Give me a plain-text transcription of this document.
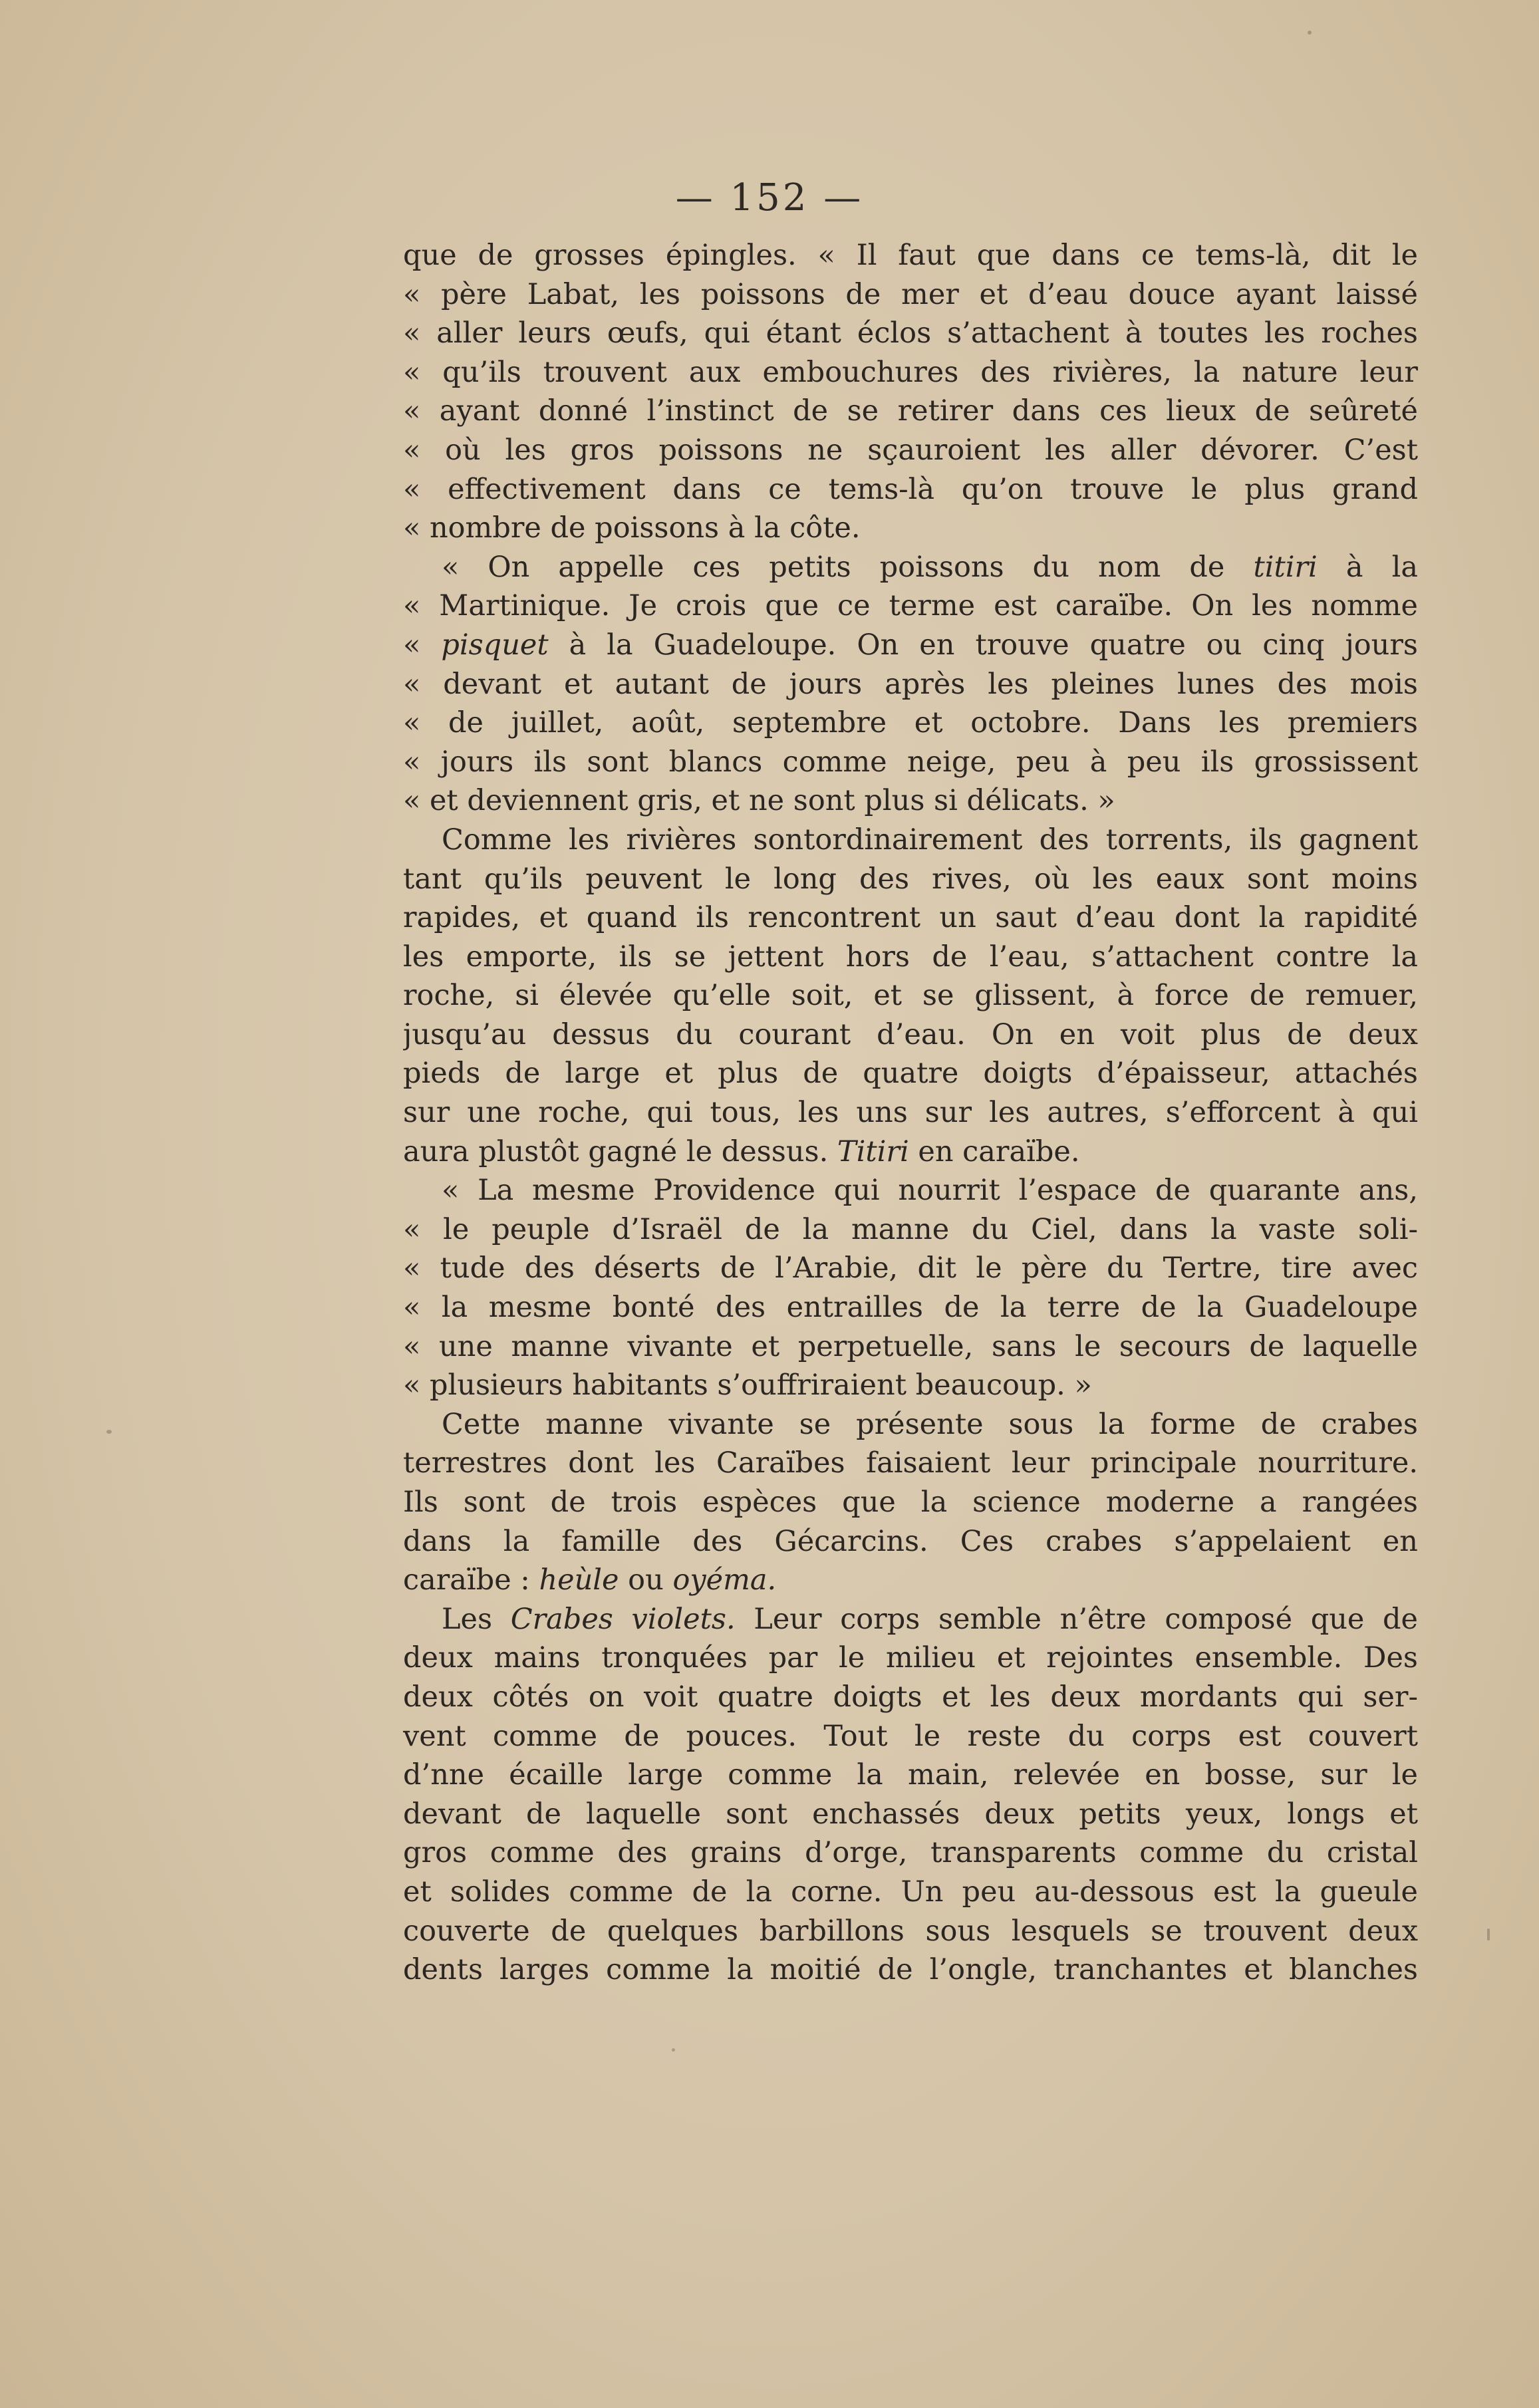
— 152 —
que de grosses épingles. « Il faut que dans ce tems-là, dit le
« père Labat, les poissons de mer et d’eau douce ayant laissé
« aller leurs œufs, qui étant éclos s’attachent à toutes les roches
« qu’ils trouvent aux embouchures des rivières, la nature leur
« ayant donné l’instinct de se retirer dans ces lieux de seûreté
« où les gros poissons ne sçauroient les aller dévorer. C’est
« effectivement dans ce tems-là qu’on trouve le plus grand
« nombre de poissons à la côte.
« On appelle ces petits poissons du nom de titiri à la
« Martinique. Je crois que ce terme est caraïbe. On les nomme
« pisquet à la Guadeloupe. On en trouve quatre ou cinq jours
« devant et autant de jours après les pleines lunes des mois
« de juillet, août, septembre et octobre. Dans les premiers
« jours ils sont blancs comme neige, peu à peu ils grossissent
« et deviennent gris, et ne sont plus si délicats. »
Comme les rivières sontordinairement des torrents, ils gagnent
tant qu’ils peuvent le long des rives, où les eaux sont moins
rapides, et quand ils rencontrent un saut d’eau dont la rapidité
les emporte, ils se jettent hors de l’eau, s’attachent contre la
roche, si élevée qu’elle soit, et se glissent, à force de remuer,
jusqu’au dessus du courant d’eau. On en voit plus de deux
pieds de large et plus de quatre doigts d’épaisseur, attachés
sur une roche, qui tous, les uns sur les autres, s’efforcent à qui
aura plustôt gagné le dessus. Titiri en caraïbe.
« La mesme Providence qui nourrit l’espace de quarante ans,
« le peuple d’Israël de la manne du Ciel, dans la vaste soli-
« tude des déserts de l’Arabie, dit le père du Tertre, tire avec
« la mesme bonté des entrailles de la terre de la Guadeloupe
« une manne vivante et perpetuelle, sans le secours de laquelle
« plusieurs habitants s’ouffriraient beaucoup. »
Cette manne vivante se présente sous la forme de crabes
terrestres dont les Caraïbes faisaient leur principale nourriture.
Ils sont de trois espèces que la science moderne a rangées
dans la famille des Gécarcins. Ces crabes s’appelaient en
caraïbe : heùle ou oyéma.
Les Crabes violets. Leur corps semble n’être composé que de
deux mains tronquées par le milieu et rejointes ensemble. Des
deux côtés on voit quatre doigts et les deux mordants qui ser-
vent comme de pouces. Tout le reste du corps est couvert
d’nne écaille large comme la main, relevée en bosse, sur le
devant de laquelle sont enchassés deux petits yeux, longs et
gros comme des grains d’orge, transparents comme du cristal
et solides comme de la corne. Un peu au-dessous est la gueule
couverte de quelques barbillons sous lesquels se trouvent deux
dents larges comme la moitié de l’ongle, tranchantes et blanches
